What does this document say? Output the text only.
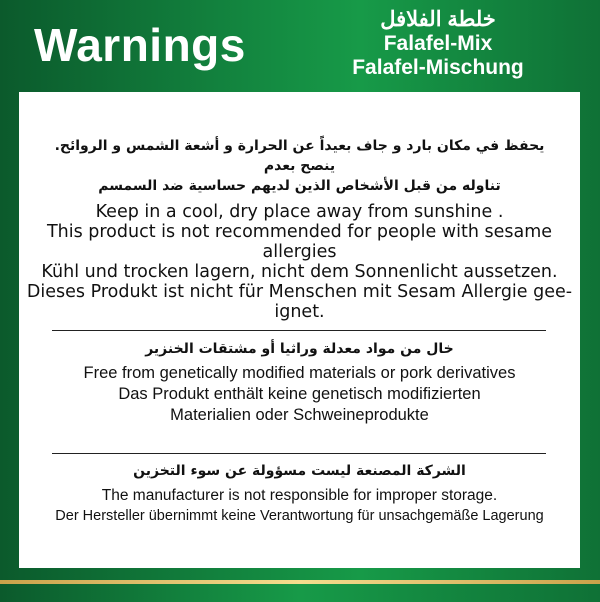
Warnings	خلطة الفلافل
Falafel-Mix
Falafel-Mischung
يحفظ في مكان بارد و جاف بعيداً عن الحرارة و أشعة الشمس و الروائح. ينصح بعدم
تناوله من قبل الأشخاص الذين لديهم حساسية ضد السمسم
Keep in a cool, dry place away from sunshine .
This product is not recommended for people with sesame allergies
Kühl und trocken lagern, nicht dem Sonnenlicht aussetzen.
Dieses Produkt ist nicht für Menschen mit Sesam Allergie gee-ignet.
خال من مواد معدلة وراثيا أو مشتقات الخنزير
Free from genetically modified materials or pork derivatives
Das Produkt enthält keine genetisch modifizierten Materialien oder Schweineprodukte
الشركة المصنعة ليست مسؤولة عن سوء التخزين
The manufacturer is not responsible for improper storage.
Der Hersteller übernimmt keine Verantwortung für unsachgemäße Lagerung
